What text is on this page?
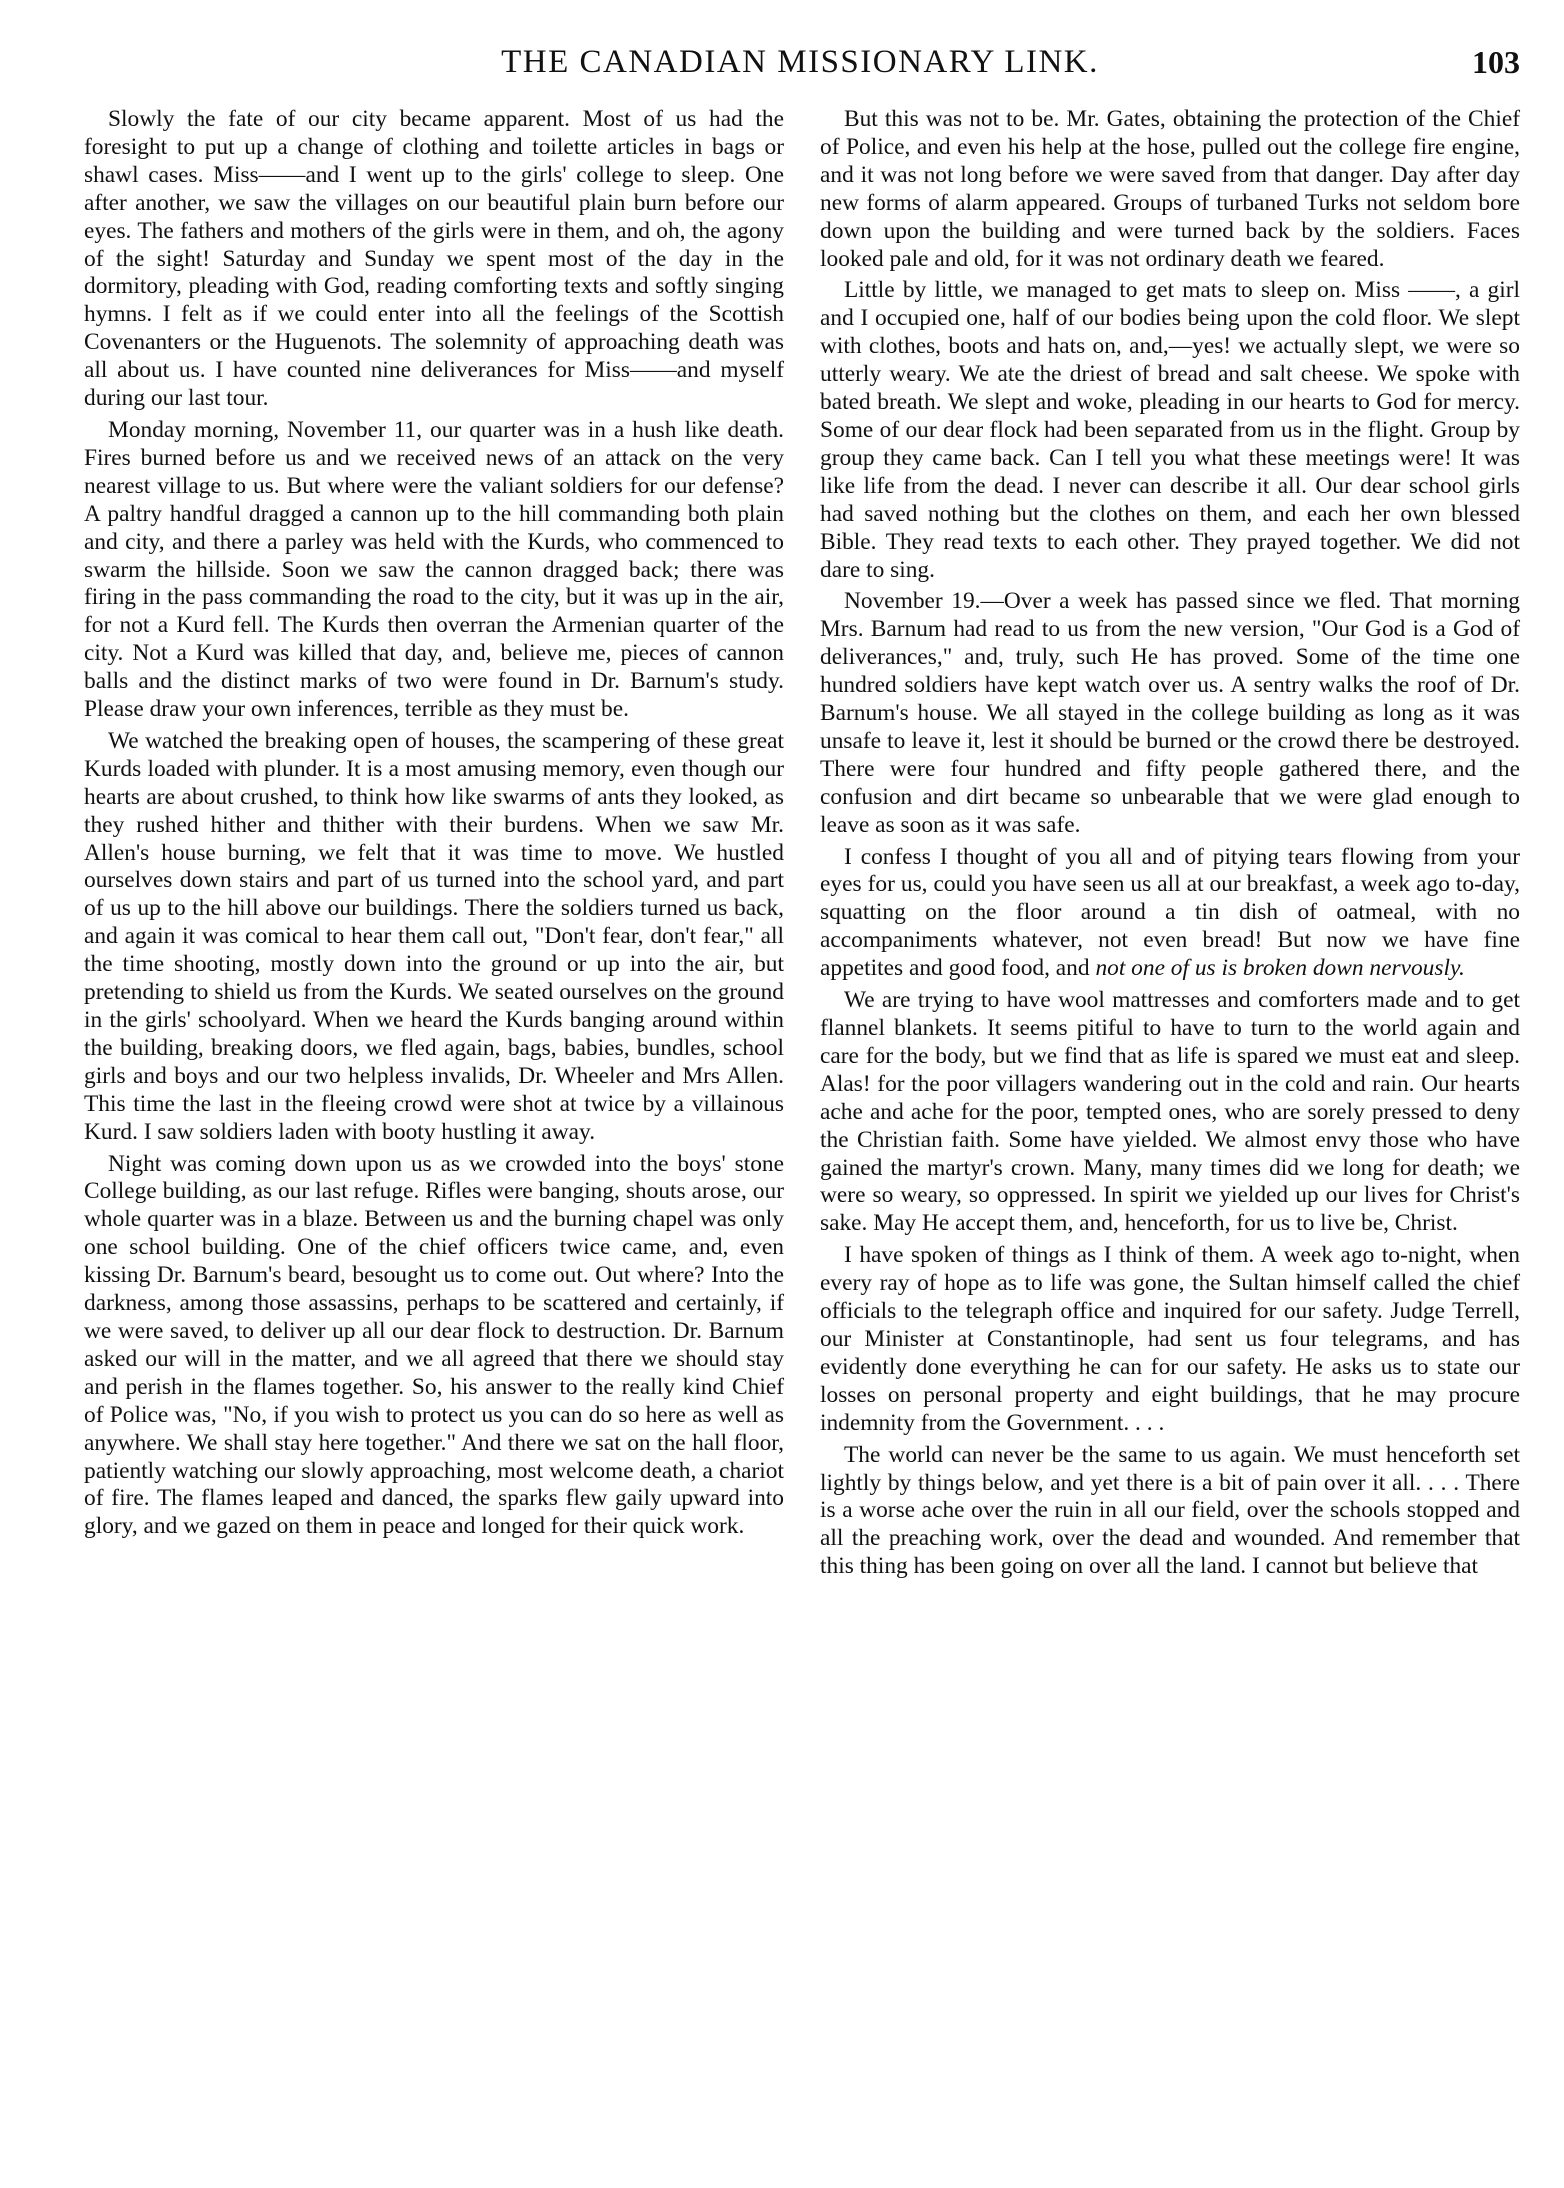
THE CANADIAN MISSIONARY LINK.	103

Slowly the fate of our city became apparent. Most of us had the foresight to put up a change of clothing and toilette articles in bags or shawl cases. Miss——and I went up to the girls' college to sleep. One after another, we saw the villages on our beautiful plain burn before our eyes. The fathers and mothers of the girls were in them, and oh, the agony of the sight! Saturday and Sunday we spent most of the day in the dormitory, pleading with God, reading comforting texts and softly singing hymns. I felt as if we could enter into all the feelings of the Scottish Covenanters or the Huguenots. The solemnity of approaching death was all about us. I have counted nine deliverances for Miss——and myself during our last tour.

Monday morning, November 11, our quarter was in a hush like death. Fires burned before us and we received news of an attack on the very nearest village to us. But where were the valiant soldiers for our defense? A paltry handful dragged a cannon up to the hill commanding both plain and city, and there a parley was held with the Kurds, who commenced to swarm the hillside. Soon we saw the cannon dragged back; there was firing in the pass commanding the road to the city, but it was up in the air, for not a Kurd fell. The Kurds then overran the Armenian quarter of the city. Not a Kurd was killed that day, and, believe me, pieces of cannon balls and the distinct marks of two were found in Dr. Barnum's study. Please draw your own inferences, terrible as they must be.

We watched the breaking open of houses, the scampering of these great Kurds loaded with plunder. It is a most amusing memory, even though our hearts are about crushed, to think how like swarms of ants they looked, as they rushed hither and thither with their burdens. When we saw Mr. Allen's house burning, we felt that it was time to move. We hustled ourselves down stairs and part of us turned into the school yard, and part of us up to the hill above our buildings. There the soldiers turned us back, and again it was comical to hear them call out, "Don't fear, don't fear," all the time shooting, mostly down into the ground or up into the air, but pretending to shield us from the Kurds. We seated ourselves on the ground in the girls' schoolyard. When we heard the Kurds banging around within the building, breaking doors, we fled again, bags, babies, bundles, school girls and boys and our two helpless invalids, Dr. Wheeler and Mrs Allen. This time the last in the fleeing crowd were shot at twice by a villainous Kurd. I saw soldiers laden with booty hustling it away.

Night was coming down upon us as we crowded into the boys' stone College building, as our last refuge. Rifles were banging, shouts arose, our whole quarter was in a blaze. Between us and the burning chapel was only one school building. One of the chief officers twice came, and, even kissing Dr. Barnum's beard, besought us to come out. Out where? Into the darkness, among those assassins, perhaps to be scattered and certainly, if we were saved, to deliver up all our dear flock to destruction. Dr. Barnum asked our will in the matter, and we all agreed that there we should stay and perish in the flames together. So, his answer to the really kind Chief of Police was, "No, if you wish to protect us you can do so here as well as anywhere. We shall stay here together." And there we sat on the hall floor, patiently watching our slowly approaching, most welcome death, a chariot of fire. The flames leaped and danced, the sparks flew gaily upward into glory, and we gazed on them in peace and longed for their quick work.

But this was not to be. Mr. Gates, obtaining the protection of the Chief of Police, and even his help at the hose, pulled out the college fire engine, and it was not long before we were saved from that danger. Day after day new forms of alarm appeared. Groups of turbaned Turks not seldom bore down upon the building and were turned back by the soldiers. Faces looked pale and old, for it was not ordinary death we feared.

Little by little, we managed to get mats to sleep on. Miss ——, a girl and I occupied one, half of our bodies being upon the cold floor. We slept with clothes, boots and hats on, and,—yes! we actually slept, we were so utterly weary. We ate the driest of bread and salt cheese. We spoke with bated breath. We slept and woke, pleading in our hearts to God for mercy. Some of our dear flock had been separated from us in the flight. Group by group they came back. Can I tell you what these meetings were! It was like life from the dead. I never can describe it all. Our dear school girls had saved nothing but the clothes on them, and each her own blessed Bible. They read texts to each other. They prayed together. We did not dare to sing.

November 19.—Over a week has passed since we fled. That morning Mrs. Barnum had read to us from the new version, "Our God is a God of deliverances," and, truly, such He has proved. Some of the time one hundred soldiers have kept watch over us. A sentry walks the roof of Dr. Barnum's house. We all stayed in the college building as long as it was unsafe to leave it, lest it should be burned or the crowd there be destroyed. There were four hundred and fifty people gathered there, and the confusion and dirt became so unbearable that we were glad enough to leave as soon as it was safe.

I confess I thought of you all and of pitying tears flowing from your eyes for us, could you have seen us all at our breakfast, a week ago to-day, squatting on the floor around a tin dish of oatmeal, with no accompaniments whatever, not even bread! But now we have fine appetites and good food, and not one of us is broken down nervously.

We are trying to have wool mattresses and comforters made and to get flannel blankets. It seems pitiful to have to turn to the world again and care for the body, but we find that as life is spared we must eat and sleep. Alas! for the poor villagers wandering out in the cold and rain. Our hearts ache and ache for the poor, tempted ones, who are sorely pressed to deny the Christian faith. Some have yielded. We almost envy those who have gained the martyr's crown. Many, many times did we long for death; we were so weary, so oppressed. In spirit we yielded up our lives for Christ's sake. May He accept them, and, henceforth, for us to live be, Christ.

I have spoken of things as I think of them. A week ago to-night, when every ray of hope as to life was gone, the Sultan himself called the chief officials to the telegraph office and inquired for our safety. Judge Terrell, our Minister at Constantinople, had sent us four telegrams, and has evidently done everything he can for our safety. He asks us to state our losses on personal property and eight buildings, that he may procure indemnity from the Government. . . .

The world can never be the same to us again. We must henceforth set lightly by things below, and yet there is a bit of pain over it all. . . . There is a worse ache over the ruin in all our field, over the schools stopped and all the preaching work, over the dead and wounded. And remember that this thing has been going on over all the land. I cannot but believe that
